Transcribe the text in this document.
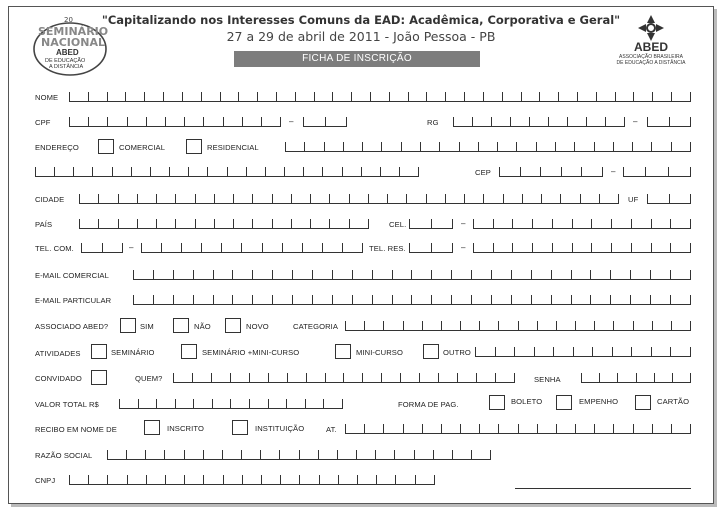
20
SEMINÁRIO
NACIONAL
ABED
DE EDUCAÇÃO
A DISTÂNCIA
ABED
ASSOCIAÇÃO BRASILEIRA
DE EDUCAÇÃO A DISTÂNCIA
"Capitalizando nos Interesses Comuns da EAD: Acadêmica, Corporativa e Geral"
27 a 29 de abril de 2011 - João Pessoa - PB
FICHA DE INSCRIÇÃO
NOME
CPF	–	RG	–
ENDEREÇO	COMERCIAL	RESIDENCIAL
CEP	–
CIDADE	UF
PAÍS	CEL.	–
TEL. COM.	–	TEL. RES.	–
E-MAIL COMERCIAL
E-MAIL PARTICULAR
ASSOCIADO ABED?	SIM	NÃO	NOVO	CATEGORIA
ATIVIDADES	SEMINÁRIO	SEMINÁRIO +MINI-CURSO	MINI-CURSO	OUTRO
CONVIDADO	QUEM?	SENHA
VALOR TOTAL R$	FORMA DE PAG.	BOLETO	EMPENHO	CARTÃO
RECIBO EM NOME DE	INSCRITO	INSTITUIÇÃO	AT.
RAZÃO SOCIAL
CNPJ
